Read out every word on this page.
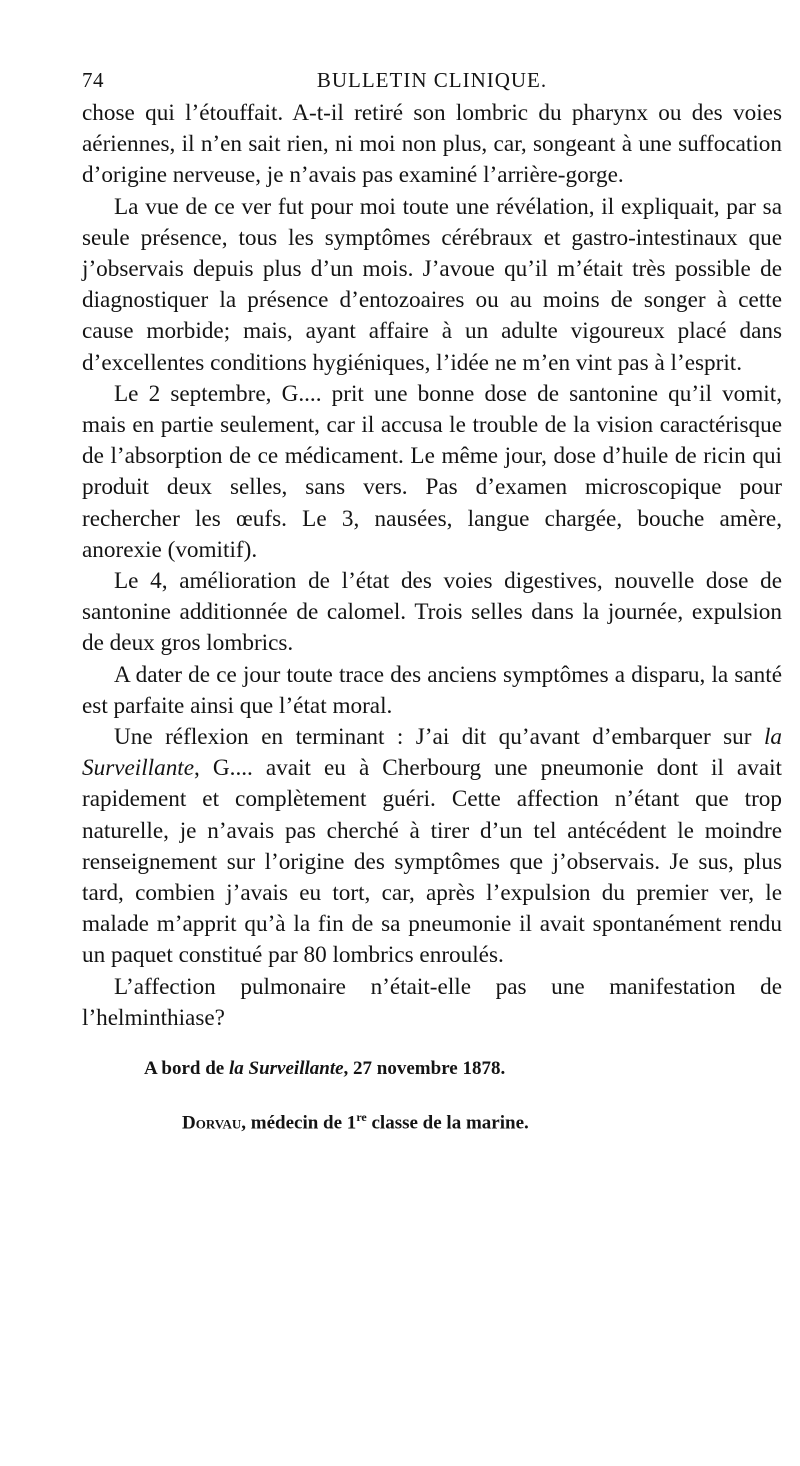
74	BULLETIN CLINIQUE.

chose qui l’étouffait. A-t-il retiré son lombric du pharynx ou des voies aériennes, il n’en sait rien, ni moi non plus, car, songeant à une suffocation d’origine nerveuse, je n’avais pas examiné l’arrière-gorge.

La vue de ce ver fut pour moi toute une révélation, il expliquait, par sa seule présence, tous les symptômes cérébraux et gastro-intestinaux que j’observais depuis plus d’un mois. J’avoue qu’il m’était très possible de diagnostiquer la présence d’entozoaires ou au moins de songer à cette cause morbide; mais, ayant affaire à un adulte vigoureux placé dans d’excellentes conditions hygiéniques, l’idée ne m’en vint pas à l’esprit.

Le 2 septembre, G.... prit une bonne dose de santonine qu’il vomit, mais en partie seulement, car il accusa le trouble de la vision caractérisque de l’absorption de ce médicament. Le même jour, dose d’huile de ricin qui produit deux selles, sans vers. Pas d’examen microscopique pour rechercher les œufs. Le 3, nausées, langue chargée, bouche amère, anorexie (vomitif).

Le 4, amélioration de l’état des voies digestives, nouvelle dose de santonine additionnée de calomel. Trois selles dans la journée, expulsion de deux gros lombrics.

A dater de ce jour toute trace des anciens symptômes a disparu, la santé est parfaite ainsi que l’état moral.

Une réflexion en terminant : J’ai dit qu’avant d’embarquer sur la Surveillante, G.... avait eu à Cherbourg une pneumonie dont il avait rapidement et complètement guéri. Cette affection n’étant que trop naturelle, je n’avais pas cherché à tirer d’un tel antécédent le moindre renseignement sur l’origine des symptômes que j’observais. Je sus, plus tard, combien j’avais eu tort, car, après l’expulsion du premier ver, le malade m’apprit qu’à la fin de sa pneumonie il avait spontanément rendu un paquet constitué par 80 lombrics enroulés.

L’affection pulmonaire n’était-elle pas une manifestation de l’helminthiase?

A bord de la Surveillante, 27 novembre 1878.
Dorvau, médecin de 1re classe de la marine.
